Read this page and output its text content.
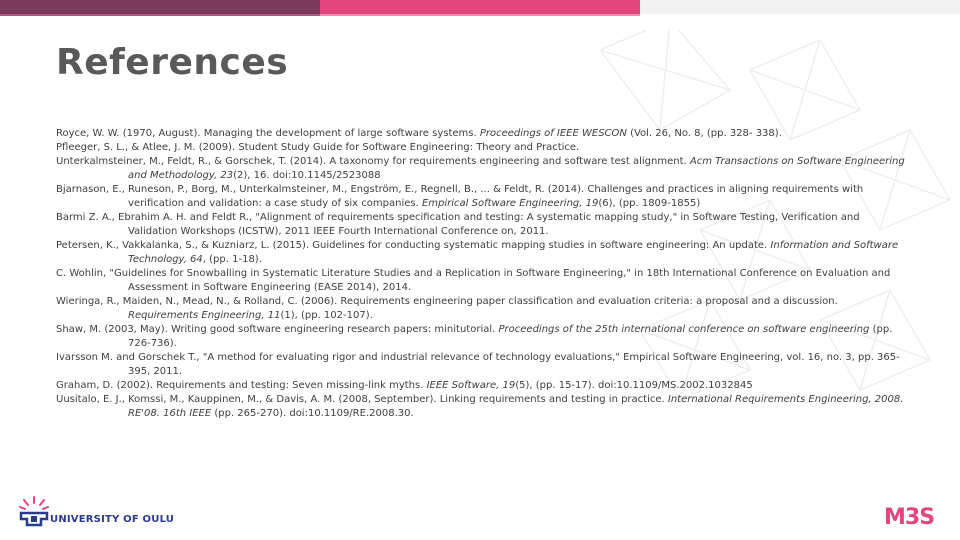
References

Royce, W. W. (1970, August). Managing the development of large software systems. Proceedings of IEEE WESCON (Vol. 26, No. 8, (pp. 328- 338).

Pfleeger, S. L., & Atlee, J. M. (2009). Student Study Guide for Software Engineering: Theory and Practice.

Unterkalmsteiner, M., Feldt, R., & Gorschek, T. (2014). A taxonomy for requirements engineering and software test alignment. Acm Transactions on Software Engineering and Methodology, 23(2), 16. doi:10.1145/2523088

Bjarnason, E., Runeson, P., Borg, M., Unterkalmsteiner, M., Engström, E., Regnell, B., ... & Feldt, R. (2014). Challenges and practices in aligning requirements with verification and validation: a case study of six companies. Empirical Software Engineering, 19(6), (pp. 1809-1855)

Barmi Z. A., Ebrahim A. H. and Feldt R., "Alignment of requirements specification and testing: A systematic mapping study," in Software Testing, Verification and Validation Workshops (ICSTW), 2011 IEEE Fourth International Conference on, 2011.

Petersen, K., Vakkalanka, S., & Kuzniarz, L. (2015). Guidelines for conducting systematic mapping studies in software engineering: An update. Information and Software Technology, 64, (pp. 1-18).

C. Wohlin, "Guidelines for Snowballing in Systematic Literature Studies and a Replication in Software Engineering," in 18th International Conference on Evaluation and Assessment in Software Engineering (EASE 2014), 2014.

Wieringa, R., Maiden, N., Mead, N., & Rolland, C. (2006). Requirements engineering paper classification and evaluation criteria: a proposal and a discussion. Requirements Engineering, 11(1), (pp. 102-107).

Shaw, M. (2003, May). Writing good software engineering research papers: minitutorial. Proceedings of the 25th international conference on software engineering (pp. 726-736).

Ivarsson M. and Gorschek T., "A method for evaluating rigor and industrial relevance of technology evaluations," Empirical Software Engineering, vol. 16, no. 3, pp. 365-395, 2011.

Graham, D. (2002). Requirements and testing: Seven missing-link myths. IEEE Software, 19(5), (pp. 15-17). doi:10.1109/MS.2002.1032845

Uusitalo, E. J., Komssi, M., Kauppinen, M., & Davis, A. M. (2008, September). Linking requirements and testing in practice. International Requirements Engineering, 2008. RE'08. 16th IEEE (pp. 265-270). doi:10.1109/RE.2008.30.

UNIVERSITY OF OULU	M3S
